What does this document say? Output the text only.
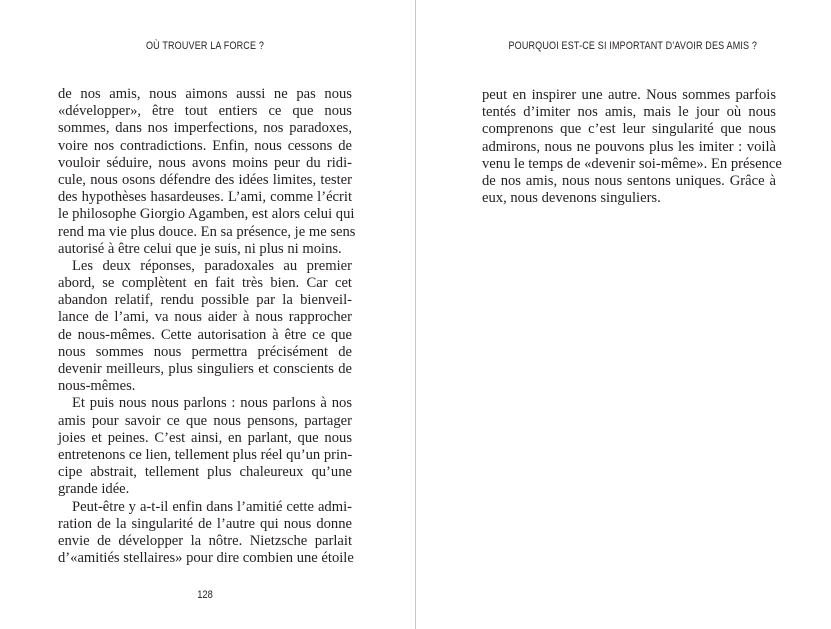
OÙ TROUVER LA FORCE ?	POURQUOI EST-CE SI IMPORTANT D’AVOIR DES AMIS ?
de nos amis, nous aimons aussi ne pas nous
«développer», être tout entiers ce que nous
sommes, dans nos imperfections, nos paradoxes,
voire nos contradictions. Enfin, nous cessons de
vouloir séduire, nous avons moins peur du ridi-
cule, nous osons défendre des idées limites, tester
des hypothèses hasardeuses. L’ami, comme l’écrit
le philosophe Giorgio Agamben, est alors celui qui
rend ma vie plus douce. En sa présence, je me sens
autorisé à être celui que je suis, ni plus ni moins.
Les deux réponses, paradoxales au premier
abord, se complètent en fait très bien. Car cet
abandon relatif, rendu possible par la bienveil-
lance de l’ami, va nous aider à nous rapprocher
de nous-mêmes. Cette autorisation à être ce que
nous sommes nous permettra précisément de
devenir meilleurs, plus singuliers et conscients de
nous-mêmes.
Et puis nous nous parlons : nous parlons à nos
amis pour savoir ce que nous pensons, partager
joies et peines. C’est ainsi, en parlant, que nous
entretenons ce lien, tellement plus réel qu’un prin-
cipe abstrait, tellement plus chaleureux qu’une
grande idée.
Peut-être y a-t-il enfin dans l’amitié cette admi-
ration de la singularité de l’autre qui nous donne
envie de développer la nôtre. Nietzsche parlait
d’«amitiés stellaires» pour dire combien une étoile
peut en inspirer une autre. Nous sommes parfois
tentés d’imiter nos amis, mais le jour où nous
comprenons que c’est leur singularité que nous
admirons, nous ne pouvons plus les imiter : voilà
venu le temps de «devenir soi-même». En présence
de nos amis, nous nous sentons uniques. Grâce à
eux, nous devenons singuliers.
128
